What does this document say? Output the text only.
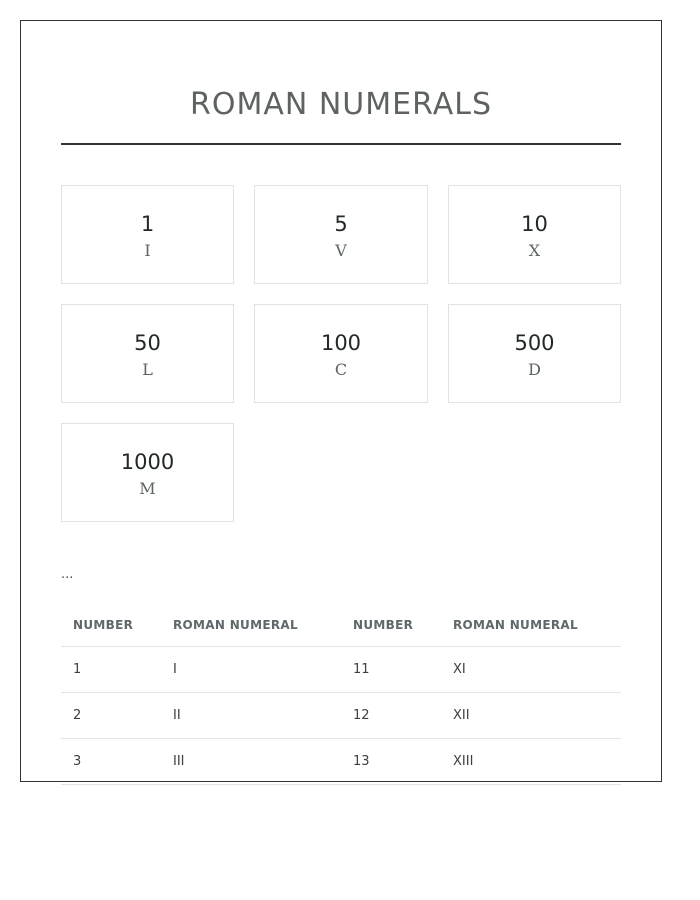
ROMAN NUMERALS
1
I
5
V
10
X
50
L
100
C
500
D
1000
M
...
NUMBER	ROMAN NUMERAL	NUMBER	ROMAN NUMERAL
1	I	11	XI
2	II	12	XII
3	III	13	XIII
